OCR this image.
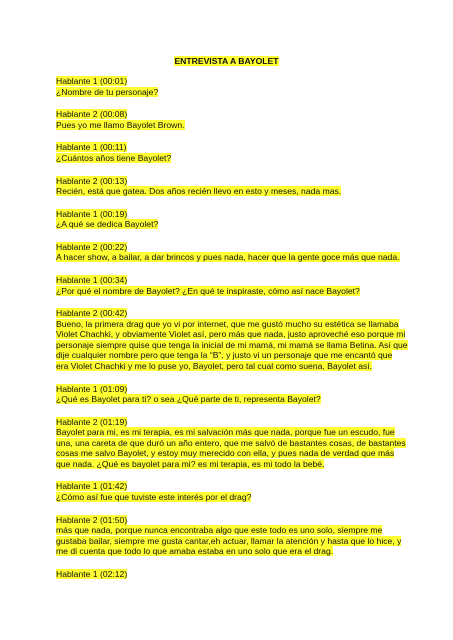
ENTREVISTA A BAYOLET
Hablante 1 (00:01)
¿Nombre de tu personaje?
Hablante 2 (00:08)
Pues yo me llamo Bayolet Brown.
Hablante 1 (00:11)
¿Cuántos años tiene Bayolet?
Hablante 2 (00:13)
Recién, está que gatea. Dos años recién llevo en esto y meses, nada mas.
Hablante 1 (00:19)
¿A qué se dedica Bayolet?
Hablante 2 (00:22)
A hacer show, a bailar, a dar brincos y pues nada, hacer que la gente goce más que nada.
Hablante 1 (00:34)
¿Por qué el nombre de Bayolet? ¿En qué te inspiraste, cómo así nace Bayolet?
Hablante 2 (00:42)
Bueno, la primera drag que yo vi por internet, que me gustó mucho su estética se llamaba
Violet Chachki, y obviamente Violet así, pero más que nada, justo aproveché eso porque mi
personaje siempre quise que tenga la inicial de mi mamá, mi mamá se llama Betina. Así que
dije cualquier nombre pero que tenga la “B”, y justo vi un personaje que me encantó que
era Violet Chachki y me lo puse yo, Bayolet, pero tal cual como suena, Bayolet así.
Hablante 1 (01:09)
¿Qué es Bayolet para ti? o sea ¿Qué parte de ti, representa Bayolet?
Hablante 2 (01:19)
Bayolet para mi, es mi terapia, es mi salvación más que nada, porque fue un escudo, fue
una, una careta de que duró un año entero, que me salvó de bastantes cosas, de bastantes
cosas me salvo Bayolet, y estoy muy merecido con ella, y pues nada de verdad que más
que nada. ¿Qué es bayolet para mi? es mi terapia, es mi todo la bebé.
Hablante 1 (01:42)
¿Cómo así fue que tuviste este interés por el drag?
Hablante 2 (01:50)
más que nada, porque nunca encontraba algo que este todo es uno solo, siempre me
gustaba bailar, siempre me gusta cantar,eh actuar, llamar la atención y hasta que lo hice, y
me di cuenta que todo lo que amaba estaba en uno solo que era el drag.
Hablante 1 (02:12)
